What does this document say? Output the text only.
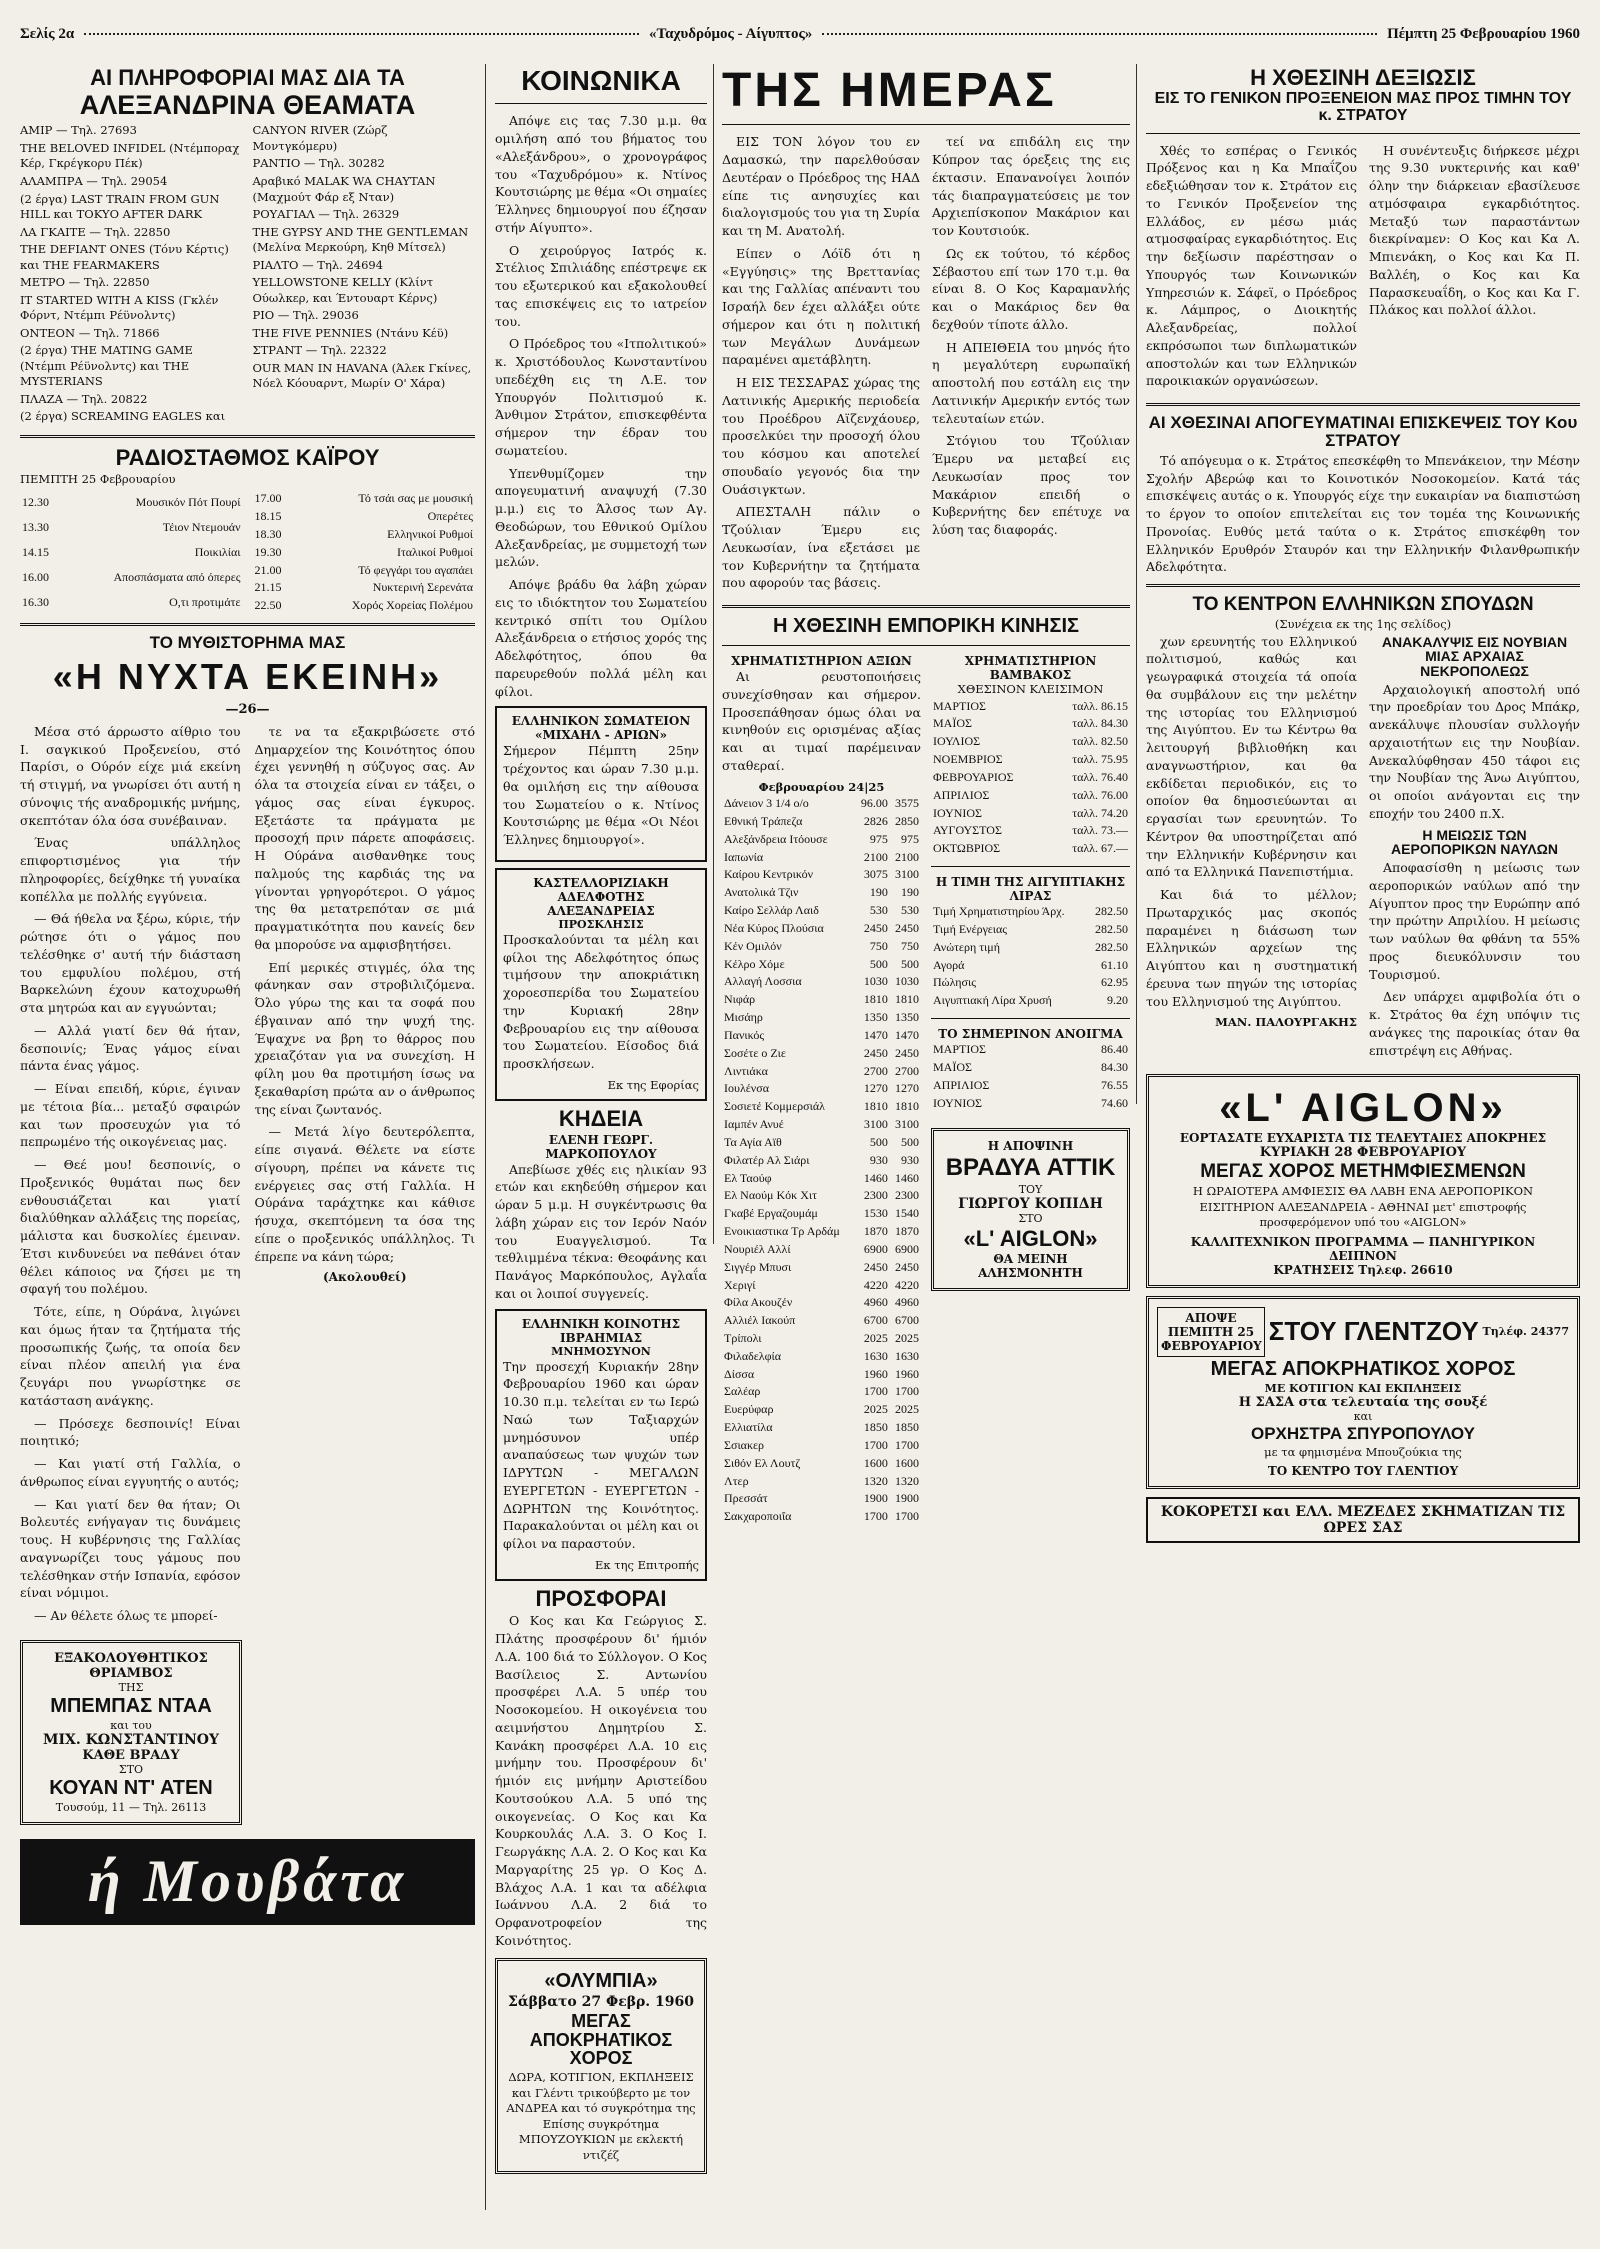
Σελίς 2α	«Ταχυδρόμος - Αίγυπτος»	Πέμπτη 25 Φεβρουαρίου 1960
ΑΙ ΠΛΗΡΟΦΟΡΙΑΙ ΜΑΣ ΔΙΑ ΤΑ
ΑΛΕΞΑΝΔΡΙΝΑ ΘΕΑΜΑΤΑ
ΑΜΙΡ — Τηλ. 27693
THE BELOVED INFIDEL (Ντέμποραχ Κέρ, Γκρέγκορυ Πέκ)
ΑΛΑΜΠΡΑ — Τηλ. 29054
(2 έργα) LAST TRAIN FROM GUN HILL και TOKYO AFTER DARK
ΛΑ ΓΚΑΙΤΕ — Τηλ. 22850
THE DEFIANT ONES (Τόνυ Κέρτις) και THE FEARMAKERS
ΜΕΤΡΟ — Τηλ. 22850
IT STARTED WITH A KISS (Γκλέν Φόρντ, Ντέμπι Ρέϋνολντς)
ΟΝΤΕΟΝ — Τηλ. 71866
(2 έργα) THE MATING GAME (Ντέμπι Ρέϋνολντς) και THE MYSTERIANS
ΠΛΑΖΑ — Τηλ. 20822
(2 έργα) SCREAMING EAGLES και
CANYON RIVER (Ζώρζ Μοντγκόμερυ)
ΡΑΝΤΙΟ — Τηλ. 30282
Αραβικό MALAK WA CHAYTAN (Μαχμούτ Φάρ εξ Νταν)
ΡΟΥΑΓΙΑΛ — Τηλ. 26329
THE GYPSY AND THE GENTLEMAN (Μελίνα Μερκούρη, Κηθ Μίτσελ)
ΡΙΑΛΤΟ — Τηλ. 24694
YELLOWSTONE KELLY (Κλίντ Ούωλκερ, και Έντουαρτ Κέρνς)
ΡΙΟ — Τηλ. 29036
THE FIVE PENNIES (Ντάνυ Κέϋ)
ΣΤΡΑΝΤ — Τηλ. 22322
OUR MAN IN HAVANA (Άλεκ Γκίνες, Νόελ Κόουαρντ, Μωρίν Ο' Χάρα)
ΡΑΔΙΟΣΤΑΘΜΟΣ ΚΑΪΡΟΥ
ΠΕΜΠΤΗ 25 Φεβρουαρίου
12.30	Μουσικόν Πότ Πουρί
13.30	Τέιον Ντεμουάν
14.15	Ποικιλίαι
16.00	Αποσπάσματα από όπερες
16.30	Ο,τι προτιμάτε
17.00	Τό τσάι σας με μουσική
18.15	Οπερέτες
18.30	Ελληνικοί Ρυθμοί
19.30	Ιταλικοί Ρυθμοί
21.00	Τό φεγγάρι του αγαπάει
21.15	Νυκτερινή Σερενάτα
22.50	Χορός Χορείας Πολέμου
ΤΟ ΜΥΘΙΣΤΟΡΗΜΑ ΜΑΣ
«Η ΝΥΧΤΑ ΕΚΕΙΝΗ»
—26—

Μέσα στό άρρωστο αίθριο του Ι. σαγκικού Προξενείου, στό Παρίσι, ο Ούρόν είχε μιά εκείνη τή στιγμή, να γνωρίσει ότι αυτή η σύνοψις τής αναδρομικής μνήμης, σκεπτόταν όλα όσα συνέβαιναν.

Ένας υπάλληλος επιφορτισμένος για τήν πληροφορίες, δείχθηκε τή γυναίκα κοπέλλα με πολλής εγγύνεια.

— Θά ήθελα να ξέρω, κύριε, τήν ρώτησε ότι ο γάμος που τελέσθηκε σ' αυτή τήν διάσταση του εμφυλίου πολέμου, στή Βαρκελώνη έχουν κατοχυρωθή στα μητρώα και αν εγγυώνται;

— Αλλά γιατί δεν θά ήταν, δεσποινίς; Ένας γάμος είναι πάντα ένας γάμος.

— Είναι επειδή, κύριε, έγιναν με τέτοια βία... μεταξύ σφαιρών και των προσευχών για τό πεπρωμένο τής οικογένειας μας.

— Θεέ μου! δεσποινίς, ο Προξενικός θυμάται πως δεν ενθουσιάζεται και γιατί διαλύθηκαν αλλάξεις της πορείας, μάλιστα και δυσκολίες έμειναν. Έτσι κινδυνεύει να πεθάνει όταν θέλει κάποιος να ζήσει με τη σφαγή του πολέμου.

Τότε, είπε, η Ούράνα, λιγώνει και όμως ήταν τα ζητήματα τής προσωπικής ζωής, τα οποία δεν είναι πλέον απειλή για ένα ζευγάρι που γνωρίστηκε σε κατάσταση ανάγκης.

— Πρόσεχε δεσποινίς! Είναι ποιητικό;

— Και γιατί στή Γαλλία, ο άνθρωπος είναι εγγυητής ο αυτός;

— Και γιατί δεν θα ήταν; Οι Βολευτές ενήγαγαν τις δυνάμεις τους. Η κυβέρνησις της Γαλλίας αναγνωρίζει τους γάμους που τελέσθηκαν στήν Ισπανία, εφόσον είναι νόμιμοι.

— Αν θέλετε όλως τε μπορεί-

τε να τα εξακριβώσετε στό Δημαρχείον της Κοινότητος όπου έχει γεννηθή η σύζυγος σας. Αν όλα τα στοιχεία είναι εν τάξει, ο γάμος σας είναι έγκυρος. Εξετάστε τα πράγματα με προσοχή πριν πάρετε αποφάσεις. Η Ούράνα αισθανθηκε τους παλμούς της καρδιάς της να γίνονται γρηγορότεροι. Ο γάμος της θα μετατρεπόταν σε μιά πραγματικότητα που κανείς δεν θα μπορούσε να αμφισβητήσει.

Επί μερικές στιγμές, όλα της φάνηκαν σαν στροβιλιζόμενα. Όλο γύρω της και τα σοφά που έβγαιναν από την ψυχή της. Έψαχνε να βρη το θάρρος που χρειαζόταν για να συνεχίση. Η φίλη μου θα προτιμήση ίσως να ξεκαθαρίση πρώτα αν ο άνθρωπος της είναι ζωντανός.

— Μετά λίγο δευτερόλεπτα, είπε σιγανά. Θέλετε να είστε σίγουρη, πρέπει να κάνετε τις ενέργειες σας στή Γαλλία. Η Ούράνα ταράχτηκε και κάθισε ήσυχα, σκεπτόμενη τα όσα της είπε ο προξενικός υπάλληλος. Τι έπρεπε να κάνη τώρα;

(Ακολουθεί)
ΕΞΑΚΟΛΟΥΘΗΤΙΚΟΣ ΘΡΙΑΜΒΟΣ
ΤΗΣ
ΜΠΕΜΠΑΣ ΝΤΑΑ
και του
ΜΙΧ. ΚΩΝΣΤΑΝΤΙΝΟΥ
ΚΑΘΕ ΒΡΑΔΥ
ΣΤΟ
ΚΟΥΑΝ ΝΤ' ΑΤΕΝ
Τουσούμ, 11 — Τηλ. 26113
ή Μουβάτα
ΚΟΙΝΩΝΙΚΑ

Απόψε εις τας 7.30 μ.μ. θα ομιλήση από του βήματος του «Αλεξάνδρου», ο χρονογράφος του «Ταχυδρόμου» κ. Ντίνος Κουτσιώρης με θέμα «Οι σημαίες Έλληνες δημιουργοί που έζησαν στήν Αίγυπτο».

Ο χειρούργος Ιατρός κ. Στέλιος Σπιλιάδης επέστρεψε εκ του εξωτερικού και εξακολουθεί τας επισκέψεις εις το ιατρείον του.

Ο Πρόεδρος του «Ιτπολιτικού» κ. Χριστόδουλος Κωνσταντίνου υπεδέχθη εις τη Λ.Ε. τον Υπουργόν Πολιτισμού κ. Άνθιμον Στράτον, επισκεφθέντα σήμερον την έδραν του σωματείου.

Υπενθυμίζομεν την απογευματινή αναψυχή (7.30 μ.μ.) εις το Άλσος των Αγ. Θεοδώρων, του Εθνικού Ομίλου Αλεξανδρείας, με συμμετοχή των μελών.

Απόψε βράδυ θα λάβη χώραν εις το ιδιόκτητον του Σωματείου κεντρικό σπίτι του Ομίλου Αλεξάνδρεια ο ετήσιος χορός της Αδελφότητος, όπου θα παρευρεθούν πολλά μέλη και φίλοι.

ΕΛΛΗΝΙΚΟΝ ΣΩΜΑΤΕΙΟΝ «ΜΙΧΑΗΛ - ΑΡΙΩΝ»

Σήμερον Πέμπτη 25ην τρέχοντος και ώραν 7.30 μ.μ. θα ομιλήση εις την αίθουσα του Σωματείου ο κ. Ντίνος Κουτσιώρης με θέμα «Οι Νέοι Έλληνες δημιουργοί».

ΚΑΣΤΕΛΛΟΡΙΖΙΑΚΗ ΑΔΕΛΦΟΤΗΣ ΑΛΕΞΑΝΔΡΕΙΑΣ
ΠΡΟΣΚΛΗΣΙΣ

Προσκαλούνται τα μέλη και φίλοι της Αδελφότητος όπως τιμήσουν την αποκριάτικη χοροεσπερίδα του Σωματείου την Κυριακή 28ην Φεβρουαρίου εις την αίθουσα του Σωματείου. Είσοδος διά προσκλήσεων.

Εκ της Εφορίας
ΚΗΔΕΙΑ
ΕΛΕΝΗ ΓΕΩΡΓ. ΜΑΡΚΟΠΟΥΛΟΥ

Απεβίωσε χθές εις ηλικίαν 93 ετών και εκηδεύθη σήμερον και ώραν 5 μ.μ. Η συγκέντρωσις θα λάβη χώραν εις τον Ιερόν Ναόν του Ευαγγελισμού. Τα τεθλιμμένα τέκνα: Θεοφάνης και Πανάγος Μαρκόπουλος, Αγλαΐα και οι λοιποί συγγενείς.

ΕΛΛΗΝΙΚΗ ΚΟΙΝΟΤΗΣ ΙΒΡΑΗΜΙΑΣ
ΜΝΗΜΟΣΥΝΟΝ

Την προσεχή Κυριακήν 28ην Φεβρουαρίου 1960 και ώραν 10.30 π.μ. τελείται εν τω Ιερώ Ναώ των Ταξιαρχών μνημόσυνον υπέρ αναπαύσεως των ψυχών των ΙΔΡΥΤΩΝ - ΜΕΓΑΛΩΝ ΕΥΕΡΓΕΤΩΝ - ΕΥΕΡΓΕΤΩΝ - ΔΩΡΗΤΩΝ της Κοινότητος. Παρακαλούνται οι μέλη και οι φίλοι να παραστούν.

Εκ της Επιτροπής
ΠΡΟΣΦΟΡΑΙ

Ο Κος και Κα Γεώργιος Σ. Πλάτης προσφέρουν δι' ήμιόν Λ.Α. 100 διά το Σύλλογον. Ο Κος Βασίλειος Σ. Αντωνίου προσφέρει Λ.Α. 5 υπέρ του Νοσοκομείου. Η οικογένεια του αειμνήστου Δημητρίου Σ. Κανάκη προσφέρει Λ.Α. 10 εις μνήμην του. Προσφέρουν δι' ήμιόν εις μνήμην Αριστείδου Κουτσούκου Λ.Α. 5 υπό της οικογενείας. Ο Κος και Κα Κουρκουλάς Λ.Α. 3. Ο Κος Ι. Γεωργάκης Λ.Α. 2. Ο Κος και Κα Μαργαρίτης 25 γρ. Ο Κος Δ. Βλάχος Λ.Α. 1 και τα αδέλφια Ιωάννου Λ.Α. 2 διά το Ορφανοτροφείον της Κοινότητος.

«ΟΛΥΜΠΙΑ»
Σάββατο 27 Φεβρ. 1960
ΜΕΓΑΣ ΑΠΟΚΡΗΑΤΙΚΟΣ ΧΟΡΟΣ
ΔΩΡΑ, ΚΟΤΙΓΙΟΝ, ΕΚΠΛΗΞΕΙΣ και Γλέντι τρικούβερτο με τον ΑΝΔΡΕΑ και τό συγκρότημα της Επίσης συγκρότημα ΜΠΟΥΖΟΥΚΙΩΝ με εκλεκτή ντιζέζ
ΤΗΣ ΗΜΕΡΑΣ

ΕΙΣ ΤΟΝ λόγον του εν Δαμασκώ, την παρελθούσαν Δευτέραν ο Πρόεδρος της ΗΑΔ είπε τις ανησυχίες και διαλογισμούς του για τη Συρία και τη Μ. Ανατολή.

Είπεν ο Λόϊδ ότι η «Εγγύησις» της Βρεττανίας και της Γαλλίας απέναντι του Ισραήλ δεν έχει αλλάξει ούτε σήμερον και ότι η πολιτική των Μεγάλων Δυνάμεων παραμένει αμετάβλητη.

Η ΕΙΣ ΤΕΣΣΑΡΑΣ χώρας της Λατινικής Αμερικής περιοδεία του Προέδρου Αϊζενχάουερ, προσελκύει την προσοχή όλου του κόσμου και αποτελεί σπουδαίο γεγονός δια την Ουάσιγκτων.

ΑΠΕΣΤΑΛΗ πάλιν ο Τζούλιαν Έμερυ εις Λευκωσίαν, ίνα εξετάσει με τον Κυβερνήτην τα ζητήματα που αφορούν τας βάσεις.

τεί να επιδάλη εις την Κύπρον τας όρεξεις της εις έκτασιν. Επανανοίγει λοιπόν τάς διαπραγματεύσεις με τον Αρχιεπίσκοπον Μακάριον και τον Κουτσιούκ.

Ως εκ τούτου, τό κέρδος Σέβαστου επί των 170 τ.μ. θα είναι 8. Ο Κος Καραμανλής και ο Μακάριος δεν θα δεχθούν τίποτε άλλο.

Η ΑΠΕΙΘΕΙΑ του μηνός ήτο η μεγαλύτερη ευρωπαϊκή αποστολή που εστάλη εις την Λατινικήν Αμερικήν εντός των τελευταίων ετών.

Στόγιου του Τζούλιαν Έμερυ να μεταβεί εις Λευκωσίαν προς τον Μακάριον επειδή ο Κυβερνήτης δεν επέτυχε να λύση τας διαφοράς.

Η ΧΘΕΣΙΝΗ ΕΜΠΟΡΙΚΗ ΚΙΝΗΣΙΣ
ΧΡΗΜΑΤΙΣΤΗΡΙΟΝ ΑΞΙΩΝ

Αι ρευστοποιήσεις συνεχίσθησαν και σήμερον. Προσεπάθησαν όμως όλαι να κινηθούν εις ορισμένας αξίας και αι τιμαί παρέμειναν σταθεραί.

Φεβρουαρίου 24|25
Δάνειον 3 1/4 ο/ο	96.00	3575
Εθνική Τράπεζα	2826	2850
Αλεξάνδρεια Ιτόουσε	975	975
Ιαπωνία	2100	2100
Καίρου Κεντρικόν	3075	3100
Ανατολικά Τζιν	190	190
Καίρο Σελλάρ Λαιδ	530	530
Νέα Κύρος Πλούσια	2450	2450
Κέν Ομιλόν	750	750
Κέλρο Χόμε	500	500
Αλλαγή Λοσσια	1030	1030
Νιφάρ	1810	1810
Μισάηρ	1350	1350
Πανικός	1470	1470
Σοσέτε ο Ζιε	2450	2450
Λιντιάκα	2700	2700
Ιουλένσα	1270	1270
Σοσιετέ Κομμερσιάλ	1810	1810
Ιαμπέν Ανυέ	3100	3100
Τα Αγία Αϊθ	500	500
Φιλατέρ Αλ Σιάρι	930	930
Ελ Ταούφ	1460	1460
Ελ Ναούμ Κόκ Χιτ	2300	2300
Γκαβέ Εργαζουμάμ	1530	1540
Ενοικιαστικα Τρ Αρδάμ	1870	1870
Νουριέλ Αλλί	6900	6900
Σιγγέρ Μπυσι	2450	2450
Χεριγί	4220	4220
Φίλα Ακουζέν	4960	4960
Αλλιέλ Ιακούπ	6700	6700
Τρίπολι	2025	2025
Φιλαδελφία	1630	1630
Δίσσα	1960	1960
Σαλέαρ	1700	1700
Ευερύφαρ	2025	2025
Ελλιατίλα	1850	1850
Σσιακερ	1700	1700
Σιθόν Ελ Λουτζ	1600	1600
Λτερ	1320	1320
Πρεσσάτ	1900	1900
Σακχαροποιΐα	1700	1700
ΧΡΗΜΑΤΙΣΤΗΡΙΟΝ ΒΑΜΒΑΚΟΣ
ΧΘΕΣΙΝΟΝ ΚΛΕΙΣΙΜΟΝ
ΜΑΡΤΙΟΣ	ταλλ. 86.15
ΜΑΪΟΣ	ταλλ. 84.30
ΙΟΥΛΙΟΣ	ταλλ. 82.50
ΝΟΕΜΒΡΙΟΣ	ταλλ. 75.95
ΦΕΒΡΟΥΑΡΙΟΣ	ταλλ. 76.40
ΑΠΡΙΛΙΟΣ	ταλλ. 76.00
ΙΟΥΝΙΟΣ	ταλλ. 74.20
ΑΥΓΟΥΣΤΟΣ	ταλλ. 73.—
ΟΚΤΩΒΡΙΟΣ	ταλλ. 67.—
Η ΤΙΜΗ ΤΗΣ ΑΙΓΥΠΤΙΑΚΗΣ ΛΙΡΑΣ
Τιμή Χρηματιστηρίου Άρχ.	282.50
Τιμή Ενέργειας	282.50
Ανώτερη τιμή	282.50
Αγορά	61.10
Πώλησις	62.95
Αιγυπτιακή Λίρα Χρυσή	9.20
ΤΟ ΣΗΜΕΡΙΝΟΝ ΑΝΟΙΓΜΑ
ΜΑΡΤΙΟΣ	86.40
ΜΑΪΟΣ	84.30
ΑΠΡΙΛΙΟΣ	76.55
ΙΟΥΝΙΟΣ	74.60
Η ΑΠΟΨΙΝΗ
ΒΡΑΔΥΑ ΑΤΤΙΚ
ΤΟΥ
ΓΙΩΡΓΟΥ ΚΟΠΙΔΗ
ΣΤΟ
«L' AIGLON»
ΘΑ ΜΕΙΝΗ ΑΛΗΣΜΟΝΗΤΗ
Η ΧΘΕΣΙΝΗ ΔΕΞΙΩΣΙΣ
ΕΙΣ ΤΟ ΓΕΝΙΚΟΝ ΠΡΟΞΕΝΕΙΟΝ ΜΑΣ ΠΡΟΣ ΤΙΜΗΝ ΤΟΥ κ. ΣΤΡΑΤΟΥ

Χθές το εσπέρας ο Γενικός Πρόξενος και η Κα Μπαΐζου εδεξιώθησαν τον κ. Στράτον εις το Γενικόν Προξενείον της Ελλάδος, εν μέσω μιάς ατμοσφαίρας εγκαρδιότητος. Εις την δεξίωσιν παρέστησαν ο Υπουργός των Κοινωνικών Υπηρεσιών κ. Σάφεϊ, ο Πρόεδρος κ. Λάμπρος, ο Διοικητής Αλεξανδρείας, πολλοί εκπρόσωποι των διπλωματικών αποστολών και των Ελληνικών παροικιακών οργανώσεων.

Η συνέντευξις διήρκεσε μέχρι της 9.30 νυκτερινής και καθ' όλην την διάρκειαν εβασίλευσε ατμόσφαιρα εγκαρδιότητος. Μεταξύ των παραστάντων διεκρίναμεν: Ο Κος και Κα Λ. Μπιενάκη, ο Κος και Κα Π. Βαλλέη, ο Κος και Κα Παρασκευαΐδη, ο Κος και Κα Γ. Πλάκος και πολλοί άλλοι.

ΑΙ ΧΘΕΣΙΝΑΙ ΑΠΟΓΕΥΜΑΤΙΝΑΙ ΕΠΙΣΚΕΨΕΙΣ ΤΟΥ Κου ΣΤΡΑΤΟΥ

Τό απόγευμα ο κ. Στράτος επεσκέφθη το Μπενάκειον, την Μέσην Σχολήν Αβερώφ και το Κοινοτικόν Νοσοκομείον. Κατά τάς επισκέψεις αυτάς ο κ. Υπουργός είχε την ευκαιρίαν να διαπιστώση το έργον το οποίον επιτελείται εις τον τομέα της Κοινωνικής Προνοίας. Ευθύς μετά ταύτα ο κ. Στράτος επισκέφθη τον Ελληνικόν Ερυθρόν Σταυρόν και την Ελληνικήν Φιλανθρωπικήν Αδελφότητα.

ΤΟ ΚΕΝΤΡΟΝ ΕΛΛΗΝΙΚΩΝ ΣΠΟΥΔΩΝ
(Συνέχεια εκ της 1ης σελίδος)

χων ερευνητής του Ελληνικού πολιτισμού, καθώς και γεωγραφικά στοιχεία τά οποία θα συμβάλουν εις την μελέτην της ιστορίας του Ελληνισμού της Αιγύπτου. Εν τω Κέντρω θα λειτουργή βιβλιοθήκη και αναγνωστήριον, και θα εκδίδεται περιοδικόν, εις το οποίον θα δημοσιεύωνται αι εργασίαι των ερευνητών. Το Κέντρον θα υποστηρίζεται από την Ελληνικήν Κυβέρνησιν και από τα Ελληνικά Πανεπιστήμια.

Και διά το μέλλον; Πρωταρχικός μας σκοπός παραμένει η διάσωση των Ελληνικών αρχείων της Αιγύπτου και η συστηματική έρευνα των πηγών της ιστορίας του Ελληνισμού της Αιγύπτου.

ΜΑΝ. ΠΑΛΟΥΡΓΑΚΗΣ
ΑΝΑΚΑΛΥΨΙΣ ΕΙΣ ΝΟΥΒΙΑΝ ΜΙΑΣ ΑΡΧΑΙΑΣ ΝΕΚΡΟΠΟΛΕΩΣ

Αρχαιολογική αποστολή υπό την προεδρίαν του Δρος Μπάκρ, ανεκάλυψε πλουσίαν συλλογήν αρχαιοτήτων εις την Νουβίαν. Ανεκαλύφθησαν 450 τάφοι εις την Νουβίαν της Άνω Αιγύπτου, οι οποίοι ανάγονται εις την εποχήν του 2400 π.Χ.

Η ΜΕΙΩΣΙΣ ΤΩΝ ΑΕΡΟΠΟΡΙΚΩΝ ΝΑΥΛΩΝ

Αποφασίσθη η μείωσις των αεροπορικών ναύλων από την Αίγυπτον προς την Ευρώπην από την πρώτην Απριλίου. Η μείωσις των ναύλων θα φθάνη τα 55% προς διευκόλυνσιν του Τουρισμού.

Δεν υπάρχει αμφιβολία ότι ο κ. Στράτος θα έχη υπόψιν τις ανάγκες της παροικίας όταν θα επιστρέψη εις Αθήνας.

«L' AIGLON»
ΕΟΡΤΑΣΑΤΕ ΕΥΧΑΡΙΣΤΑ ΤΙΣ ΤΕΛΕΥΤΑΙΕΣ ΑΠΟΚΡΗΕΣ
ΚΥΡΙΑΚΗ 28 ΦΕΒΡΟΥΑΡΙΟΥ
ΜΕΓΑΣ ΧΟΡΟΣ ΜΕΤΗΜΦΙΕΣΜΕΝΩΝ
Η ΩΡΑΙΟΤΕΡΑ ΑΜΦΙΕΣΙΣ ΘΑ ΛΑΒΗ ΕΝΑ ΑΕΡΟΠΟΡΙΚΟΝ ΕΙΣΙΤΗΡΙΟΝ ΑΛΕΞΑΝΔΡΕΙΑ - ΑΘΗΝΑΙ μετ' επιστροφής προσφερόμενον υπό του «AIGLON»
ΚΑΛΛΙΤΕΧΝΙΚΟΝ ΠΡΟΓΡΑΜΜΑ — ΠΑΝΗΓΥΡΙΚΟΝ ΔΕΙΠΝΟΝ
ΚΡΑΤΗΣΕΙΣ Τηλεφ. 26610
ΑΠΟΨΕ ΠΕΜΠΤΗ 25 ΦΕΒΡΟΥΑΡΙΟΥ ΣΤΟΥ ΓΛΕΝΤΖΟΥ Τηλέφ. 24377
ΜΕΓΑΣ ΑΠΟΚΡΗΑΤΙΚΟΣ ΧΟΡΟΣ
ΜΕ ΚΟΤΙΓΙΟΝ ΚΑΙ ΕΚΠΛΗΞΕΙΣ
Η ΣΑΣΑ στα τελευταία της σουξέ
και
ΟΡΧΗΣΤΡΑ ΣΠΥΡΟΠΟΥΛΟΥ
με τα φημισμένα Μπουζούκια της
ΤΟ ΚΕΝΤΡΟ ΤΟΥ ΓΛΕΝΤΙΟΥ
ΚΟΚΟΡΕΤΣΙ και ΕΛΛ. ΜΕΖΕΔΕΣ ΣΚΗΜΑΤΙΖΑΝ ΤΙΣ ΩΡΕΣ ΣΑΣ
